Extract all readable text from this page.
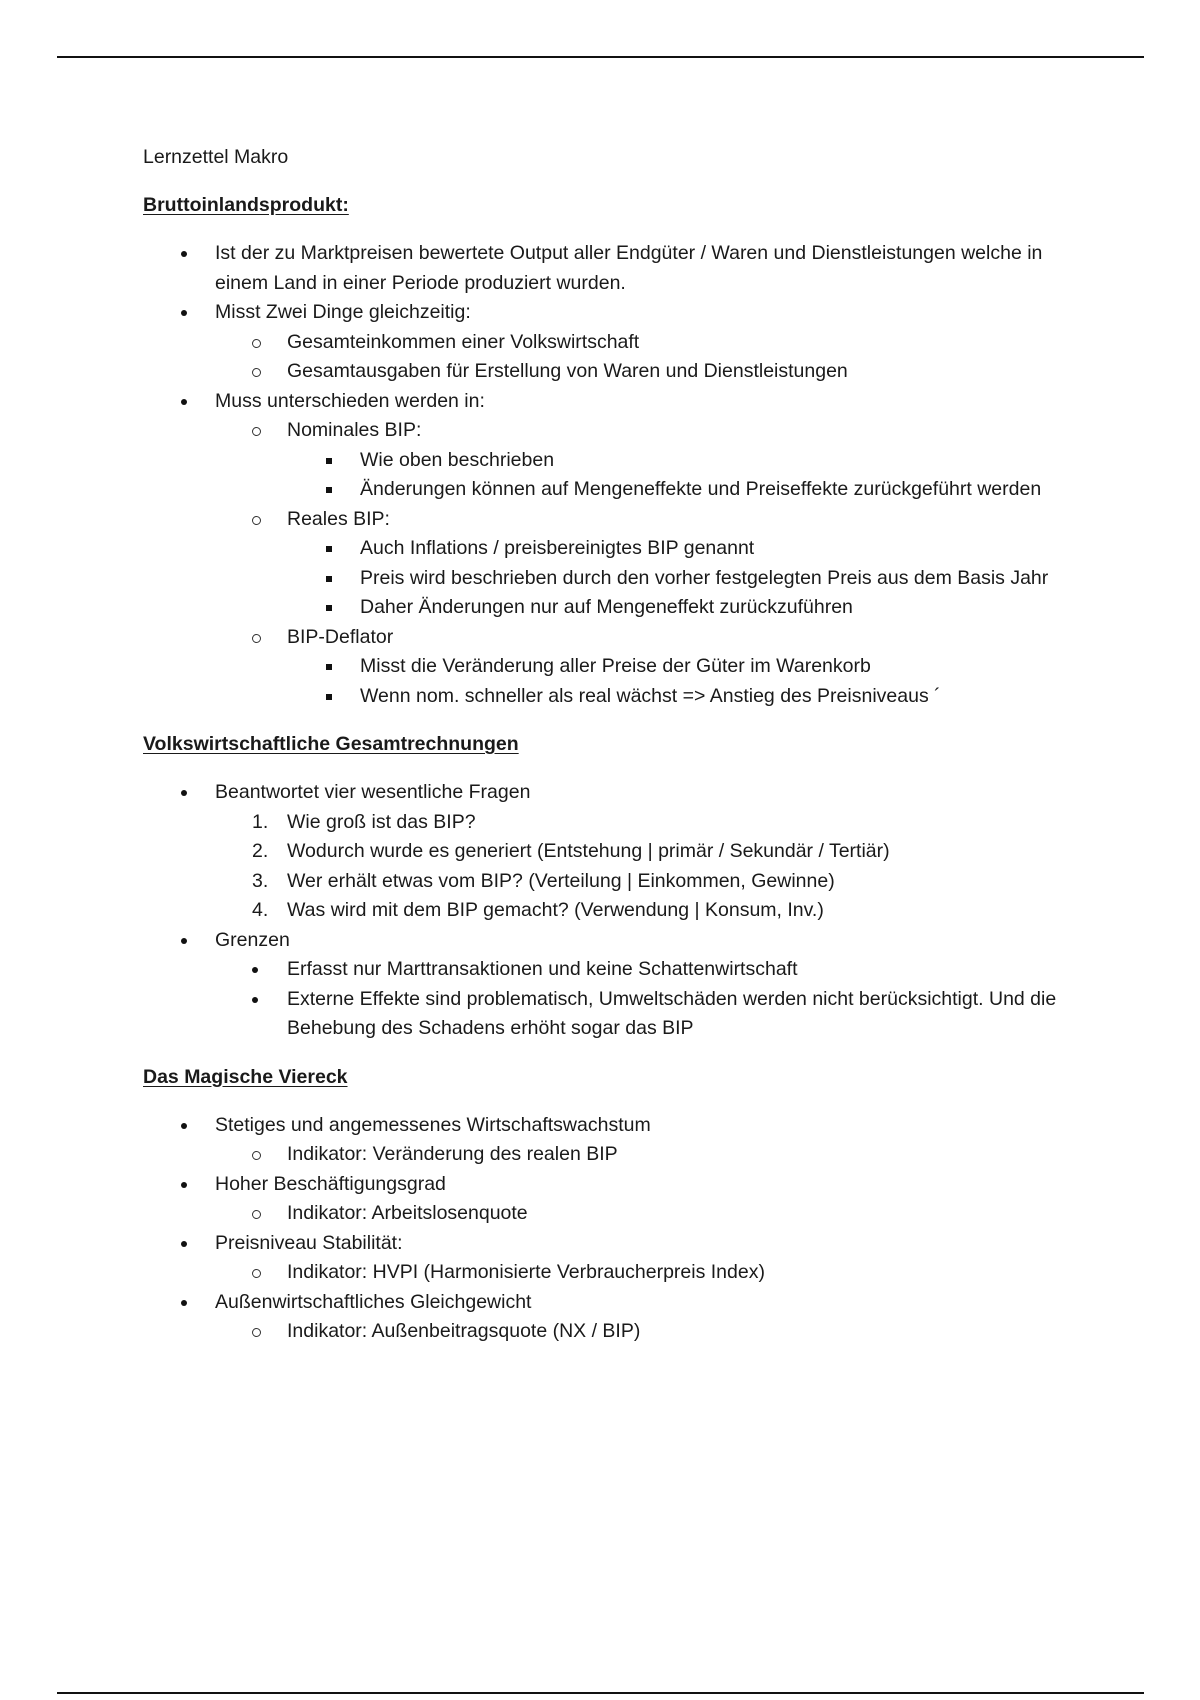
Lernzettel Makro
Bruttoinlandsprodukt:
Ist der zu Marktpreisen bewertete Output aller Endgüter / Waren und Dienstleistungen welche in einem Land in einer Periode produziert wurden.
Misst Zwei Dinge gleichzeitig:
Gesamteinkommen einer Volkswirtschaft
Gesamtausgaben für Erstellung von Waren und Dienstleistungen
Muss unterschieden werden in:
Nominales BIP:
Wie oben beschrieben
Änderungen können auf Mengeneffekte und Preiseffekte zurückgeführt werden
Reales BIP:
Auch Inflations / preisbereinigtes BIP genannt
Preis wird beschrieben durch den vorher festgelegten Preis aus dem Basis Jahr
Daher Änderungen nur auf Mengeneffekt zurückzuführen
BIP-Deflator
Misst die Veränderung aller Preise der Güter im Warenkorb
Wenn nom. schneller als real wächst => Anstieg des Preisniveaus ´
Volkswirtschaftliche Gesamtrechnungen
Beantwortet vier wesentliche Fragen
1. Wie groß ist das BIP?
2. Wodurch wurde es generiert (Entstehung | primär / Sekundär / Tertiär)
3. Wer erhält etwas vom BIP? (Verteilung | Einkommen, Gewinne)
4. Was wird mit dem BIP gemacht? (Verwendung | Konsum, Inv.)
Grenzen
Erfasst nur Marttransaktionen und keine Schattenwirtschaft
Externe Effekte sind problematisch, Umweltschäden werden nicht berücksichtigt. Und die Behebung des Schadens erhöht sogar das BIP
Das Magische Viereck
Stetiges und angemessenes Wirtschaftswachstum
Indikator: Veränderung des realen BIP
Hoher Beschäftigungsgrad
Indikator: Arbeitslosenquote
Preisniveau Stabilität:
Indikator: HVPI (Harmonisierte Verbraucherpreis Index)
Außenwirtschaftliches Gleichgewicht
Indikator: Außenbeitragsquote (NX / BIP)
